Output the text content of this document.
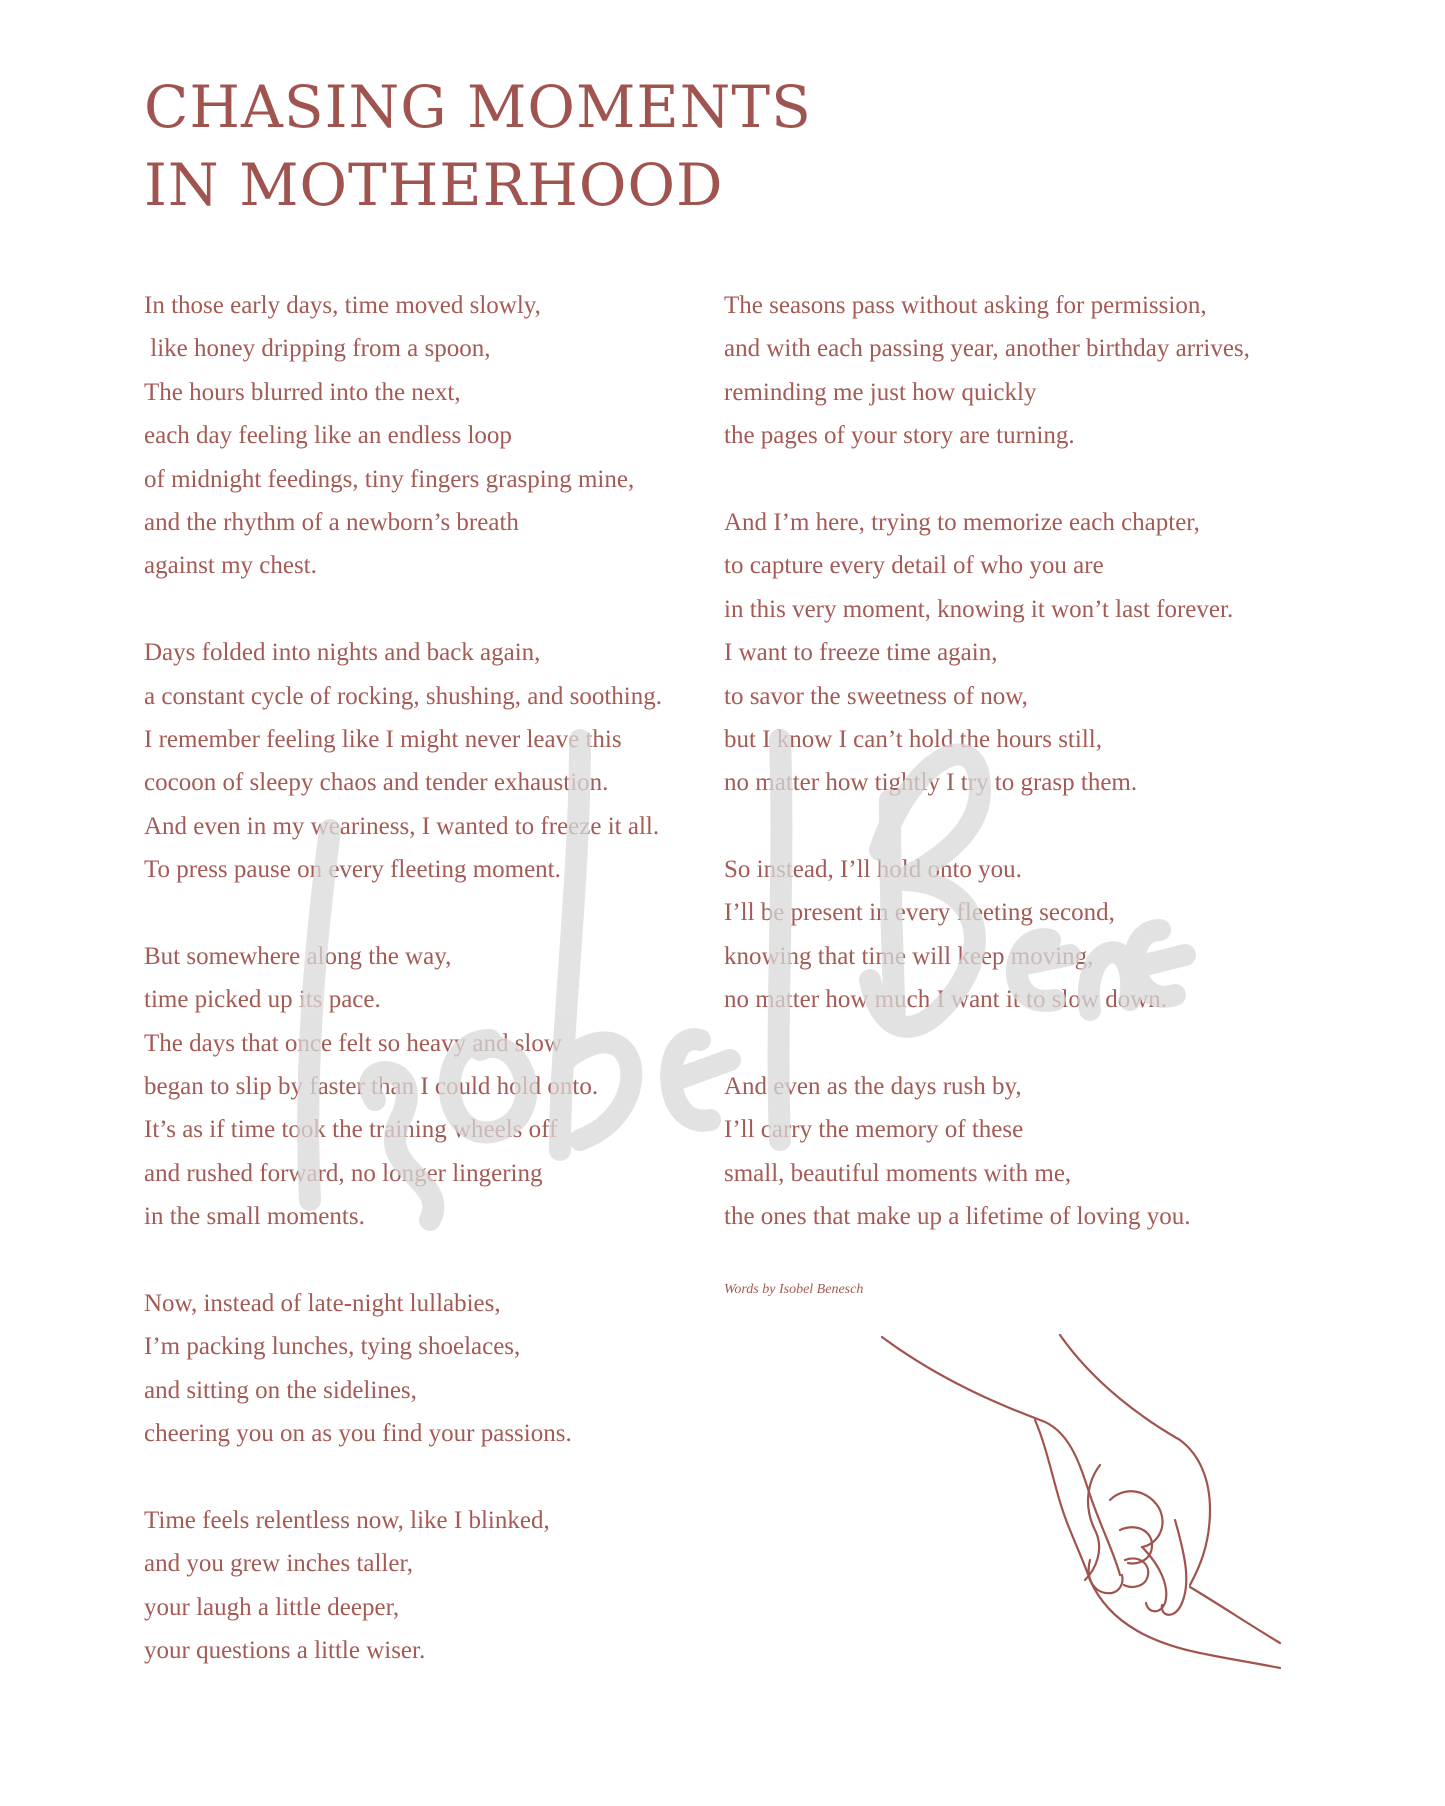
CHASING MOMENTS
IN MOTHERHOOD
In those early days, time moved slowly,
like honey dripping from a spoon,
The hours blurred into the next,
each day feeling like an endless loop
of midnight feedings, tiny fingers grasping mine,
and the rhythm of a newborn’s breath
against my chest.
Days folded into nights and back again,
a constant cycle of rocking, shushing, and soothing.
I remember feeling like I might never leave this
cocoon of sleepy chaos and tender exhaustion.
And even in my weariness, I wanted to freeze it all.
To press pause on every fleeting moment.
But somewhere along the way,
time picked up its pace.
The days that once felt so heavy and slow
began to slip by faster than I could hold onto.
It’s as if time took the training wheels off
and rushed forward, no longer lingering
in the small moments.
Now, instead of late-night lullabies,
I’m packing lunches, tying shoelaces,
and sitting on the sidelines,
cheering you on as you find your passions.
Time feels relentless now, like I blinked,
and you grew inches taller,
your laugh a little deeper,
your questions a little wiser.
The seasons pass without asking for permission,
and with each passing year, another birthday arrives,
reminding me just how quickly
the pages of your story are turning.
And I’m here, trying to memorize each chapter,
to capture every detail of who you are
in this very moment, knowing it won’t last forever.
I want to freeze time again,
to savor the sweetness of now,
but I know I can’t hold the hours still,
no matter how tightly I try to grasp them.
So instead, I’ll hold onto you.
I’ll be present in every fleeting second,
knowing that time will keep moving,
no matter how much I want it to slow down.
And even as the days rush by,
I’ll carry the memory of these
small, beautiful moments with me,
the ones that make up a lifetime of loving you.
Words by Isobel Benesch
